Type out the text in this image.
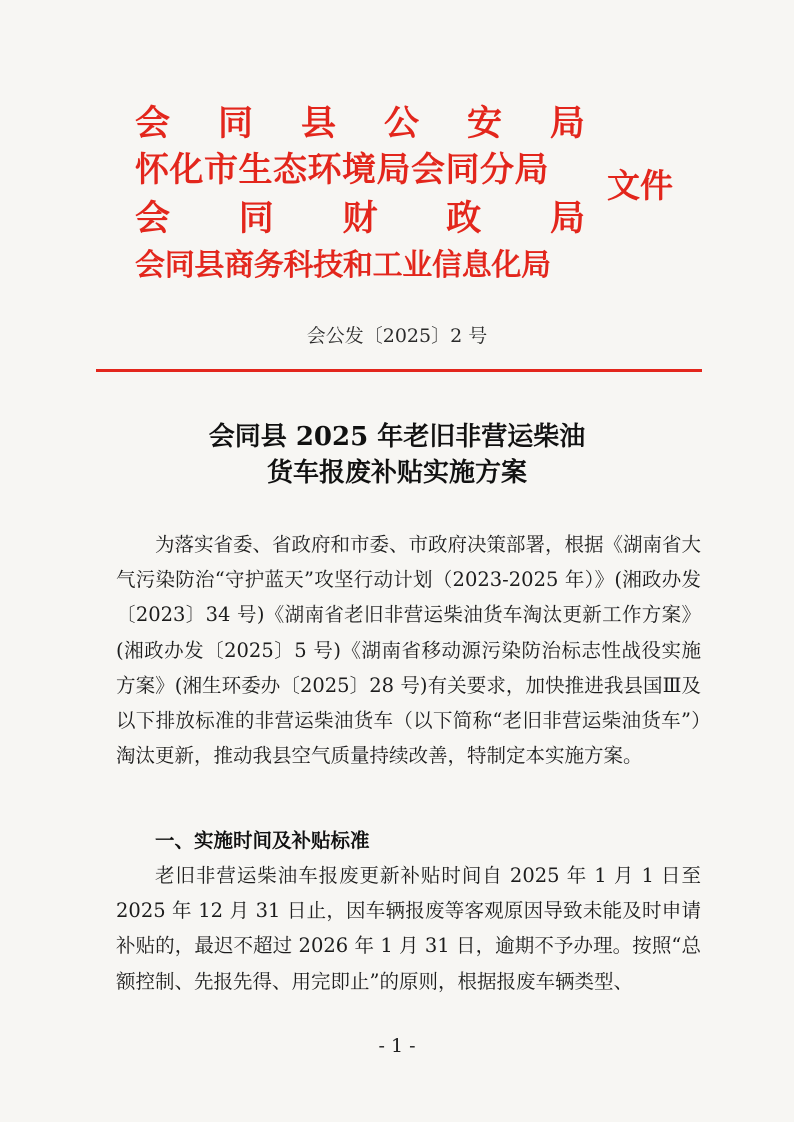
会 同 县 公 安 局
怀化市生态环境局会同分局
会 同 财 政 局
会同县商务科技和工业信息化局
文件
会公发〔2025〕2 号
会同县 2025 年老旧非营运柴油
货车报废补贴实施方案

为落实省委、省政府和市委、市政府决策部署，根据《湖南省大气污染防治“守护蓝天”攻坚行动计划（2023-2025 年）》(湘政办发〔2023〕34 号)《湖南省老旧非营运柴油货车淘汰更新工作方案》(湘政办发〔2025〕5 号)《湖南省移动源污染防治标志性战役实施方案》(湘生环委办〔2025〕28 号)有关要求，加快推进我县国Ⅲ及以下排放标准的非营运柴油货车（以下简称“老旧非营运柴油货车”）淘汰更新，推动我县空气质量持续改善，特制定本实施方案。

一、实施时间及补贴标准

老旧非营运柴油车报废更新补贴时间自 2025 年 1 月 1 日至 2025 年 12 月 31 日止，因车辆报废等客观原因导致未能及时申请补贴的，最迟不超过 2026 年 1 月 31 日，逾期不予办理。按照“总额控制、先报先得、用完即止”的原则，根据报废车辆类型、

- 1 -
